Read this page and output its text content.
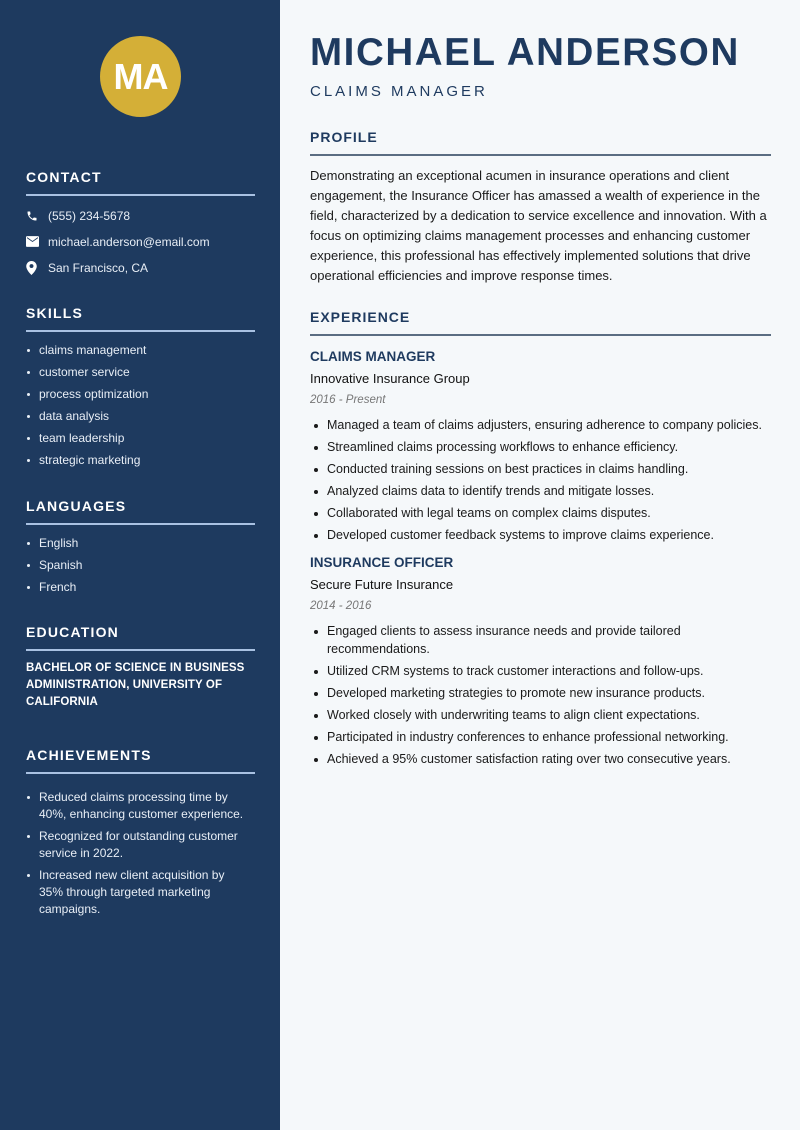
MA
CONTACT
(555) 234-5678
michael.anderson@email.com
San Francisco, CA
SKILLS
claims management
customer service
process optimization
data analysis
team leadership
strategic marketing
LANGUAGES
English
Spanish
French
EDUCATION

BACHELOR OF SCIENCE IN BUSINESS ADMINISTRATION, UNIVERSITY OF CALIFORNIA

ACHIEVEMENTS
Reduced claims processing time by 40%, enhancing customer experience.
Recognized for outstanding customer service in 2022.
Increased new client acquisition by 35% through targeted marketing campaigns.
MICHAEL ANDERSON
CLAIMS MANAGER
PROFILE

Demonstrating an exceptional acumen in insurance operations and client engagement, the Insurance Officer has amassed a wealth of experience in the field, characterized by a dedication to service excellence and innovation. With a focus on optimizing claims management processes and enhancing customer experience, this professional has effectively implemented solutions that drive operational efficiencies and improve response times.

EXPERIENCE
CLAIMS MANAGER
Innovative Insurance Group
2016 - Present
Managed a team of claims adjusters, ensuring adherence to company policies.
Streamlined claims processing workflows to enhance efficiency.
Conducted training sessions on best practices in claims handling.
Analyzed claims data to identify trends and mitigate losses.
Collaborated with legal teams on complex claims disputes.
Developed customer feedback systems to improve claims experience.
INSURANCE OFFICER
Secure Future Insurance
2014 - 2016
Engaged clients to assess insurance needs and provide tailored recommendations.
Utilized CRM systems to track customer interactions and follow-ups.
Developed marketing strategies to promote new insurance products.
Worked closely with underwriting teams to align client expectations.
Participated in industry conferences to enhance professional networking.
Achieved a 95% customer satisfaction rating over two consecutive years.
